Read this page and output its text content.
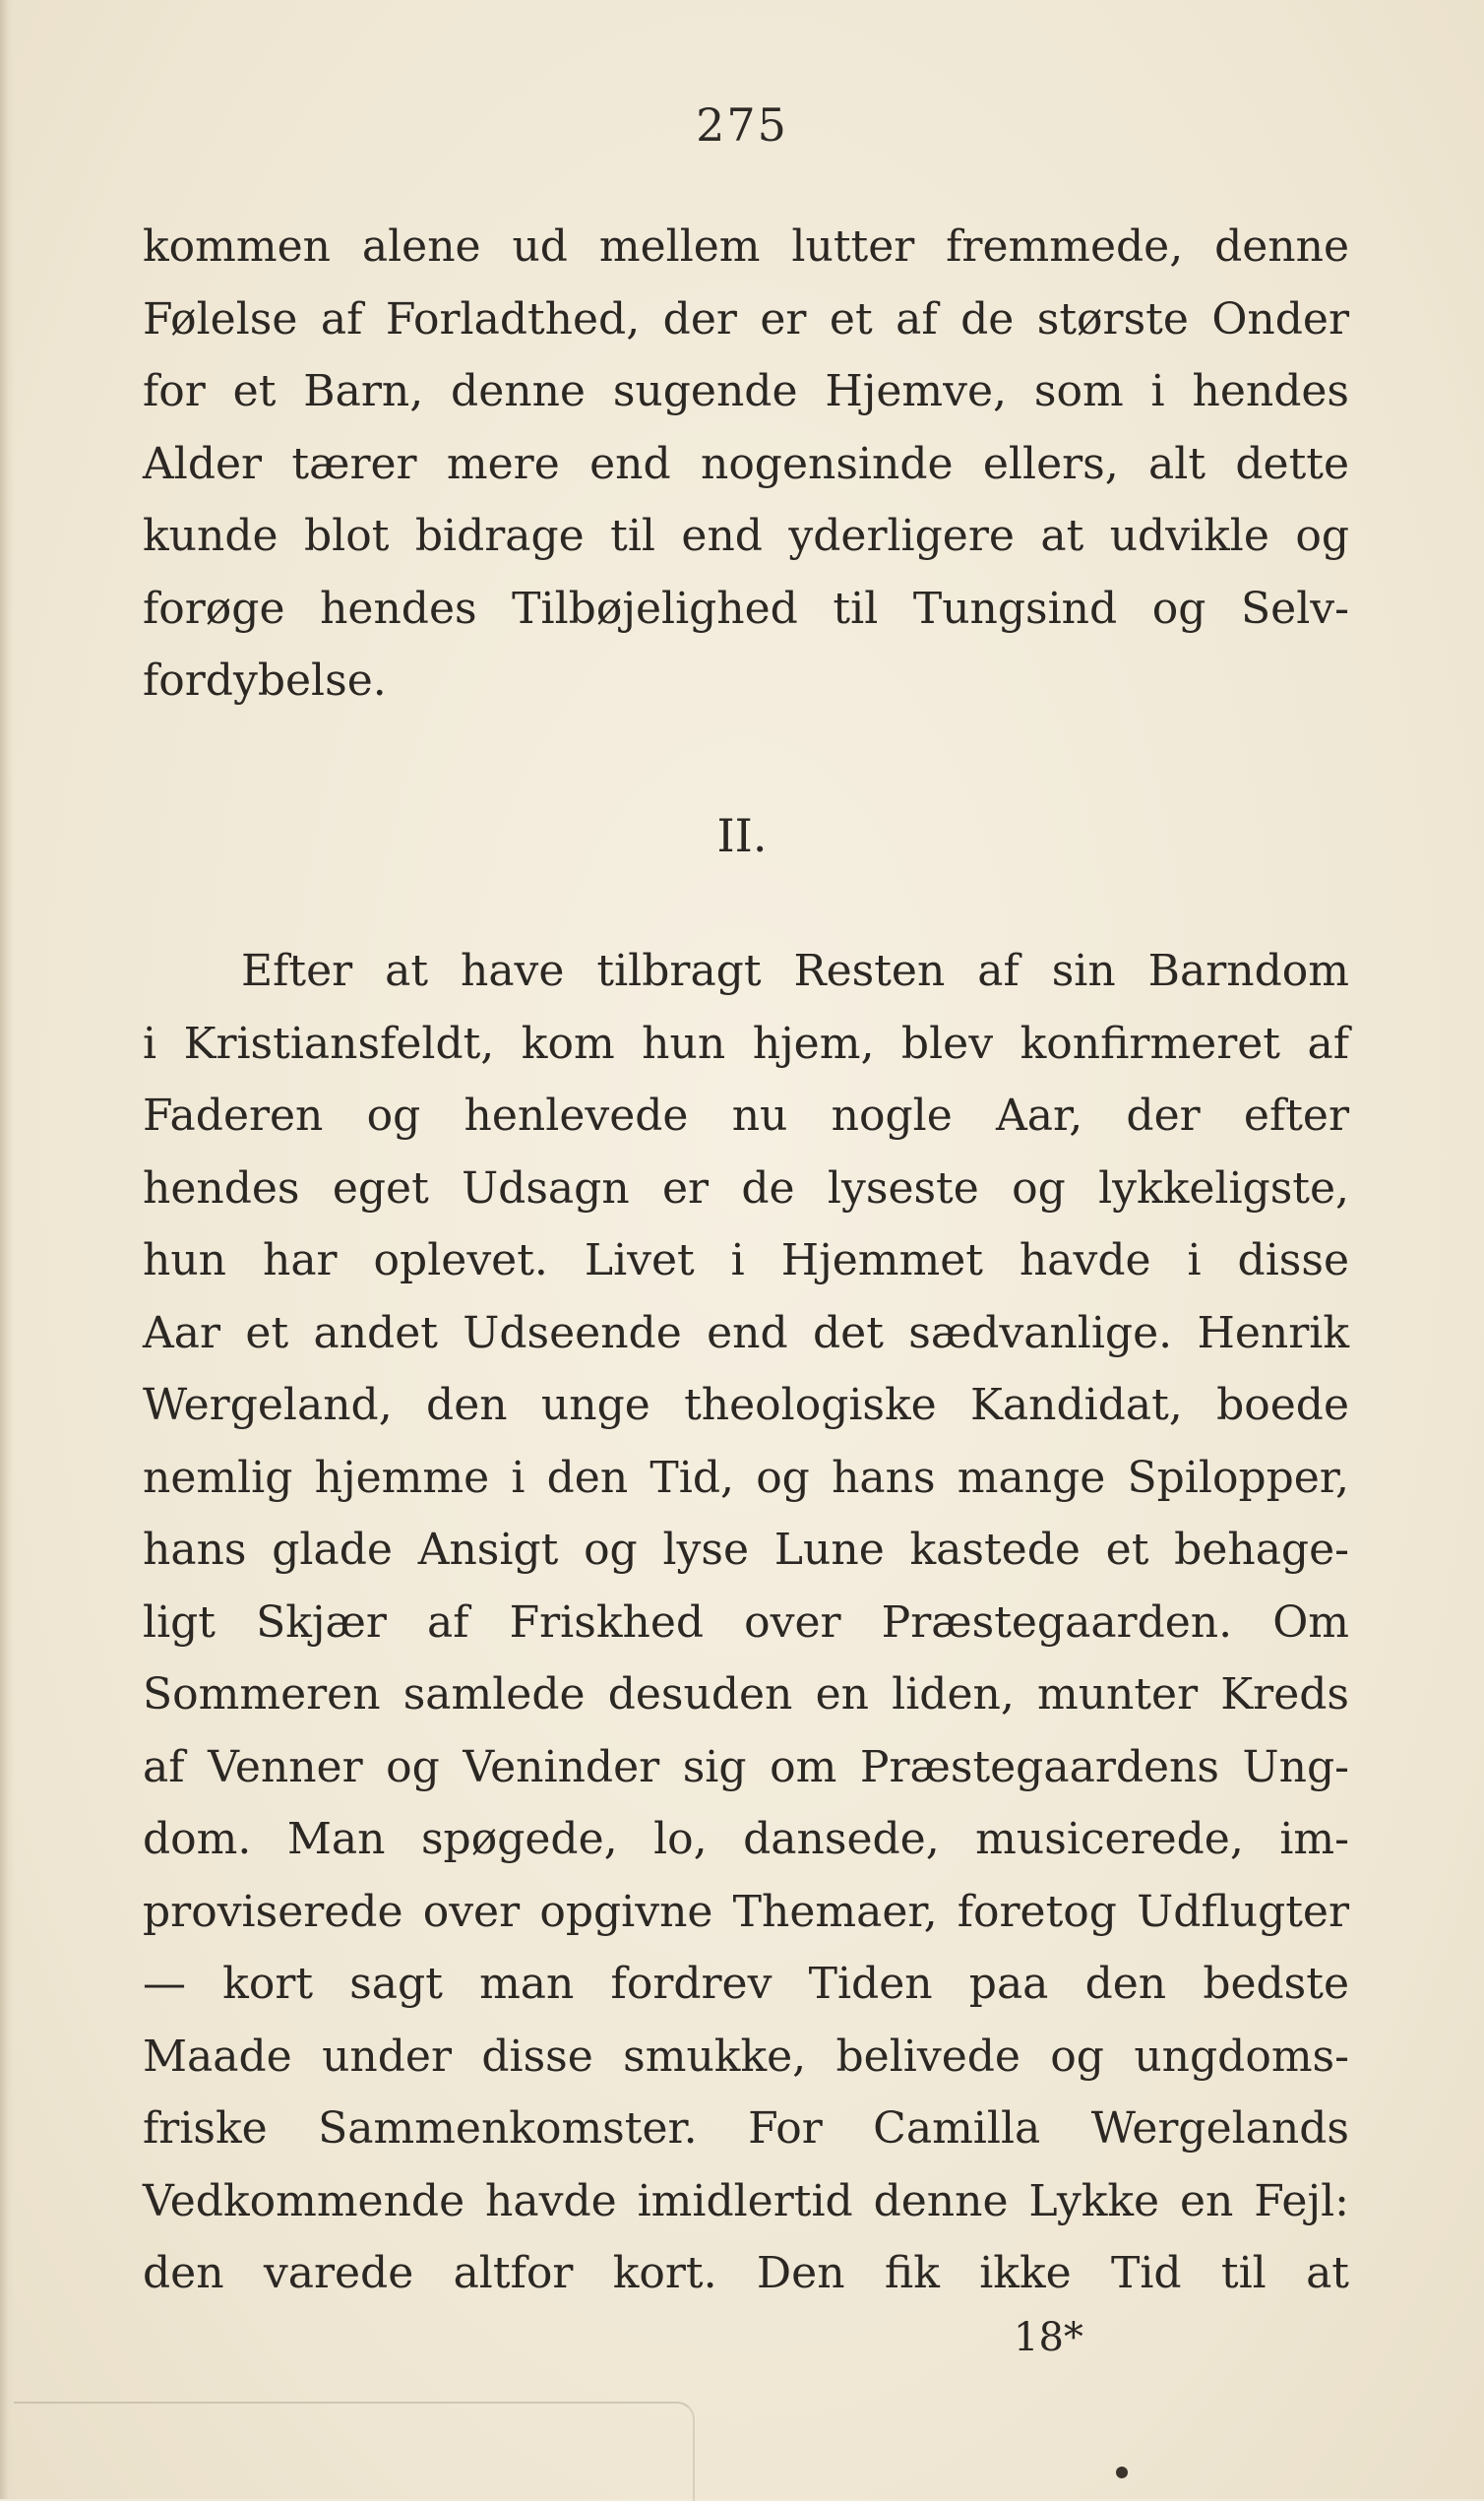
275
kommen alene ud mellem lutter fremmede, denne
Følelse af Forladthed, der er et af de største Onder
for et Barn, denne sugende Hjemve, som i hendes
Alder tærer mere end nogensinde ellers, alt dette
kunde blot bidrage til end yderligere at udvikle og
forøge hendes Tilbøjelighed til Tungsind og Selv-
fordybelse.
II.
Efter at have tilbragt Resten af sin Barndom
i Kristiansfeldt, kom hun hjem, blev konfirmeret af
Faderen og henlevede nu nogle Aar, der efter
hendes eget Udsagn er de lyseste og lykkeligste,
hun har oplevet. Livet i Hjemmet havde i disse
Aar et andet Udseende end det sædvanlige. Henrik
Wergeland, den unge theologiske Kandidat, boede
nemlig hjemme i den Tid, og hans mange Spilopper,
hans glade Ansigt og lyse Lune kastede et behage-
ligt Skjær af Friskhed over Præstegaarden. Om
Sommeren samlede desuden en liden, munter Kreds
af Venner og Veninder sig om Præstegaardens Ung-
dom. Man spøgede, lo, dansede, musicerede, im-
proviserede over opgivne Themaer, foretog Udflugter
— kort sagt man fordrev Tiden paa den bedste
Maade under disse smukke, belivede og ungdoms-
friske Sammenkomster. For Camilla Wergelands
Vedkommende havde imidlertid denne Lykke en Fejl:
den varede altfor kort. Den fik ikke Tid til at
18*
